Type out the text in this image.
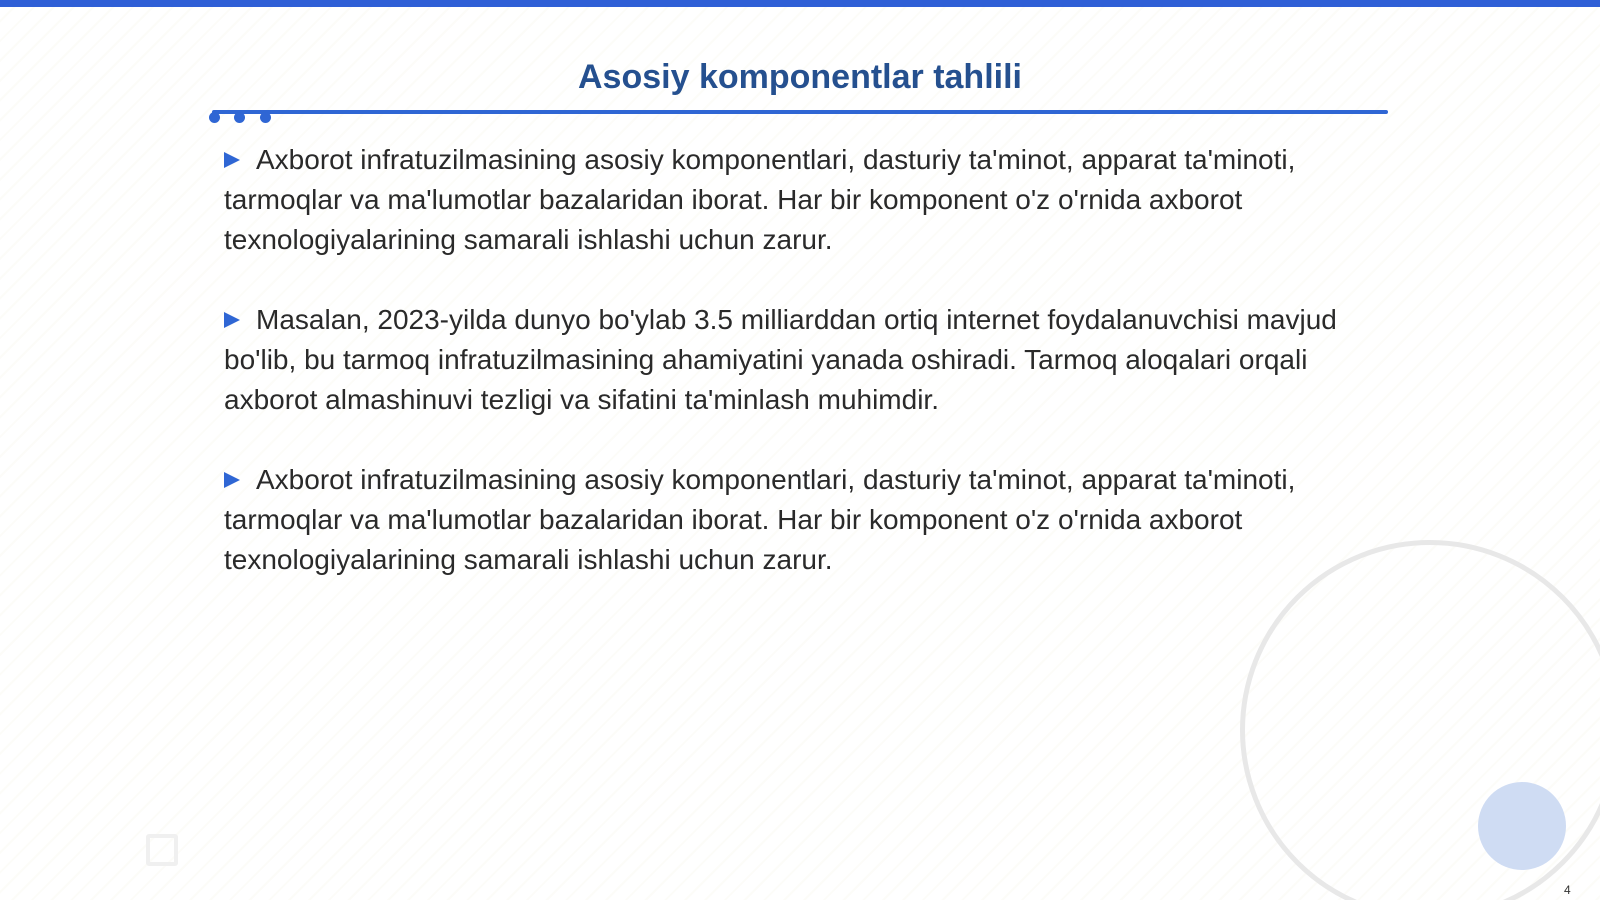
Asosiy komponentlar tahlili

Axborot infratuzilmasining asosiy komponentlari, dasturiy ta'minot, apparat ta'minoti, tarmoqlar va ma'lumotlar bazalaridan iborat. Har bir komponent o'z o'rnida axborot texnologiyalarining samarali ishlashi uchun zarur.

Masalan, 2023-yilda dunyo bo'ylab 3.5 milliarddan ortiq internet foydalanuvchisi mavjud bo'lib, bu tarmoq infratuzilmasining ahamiyatini yanada oshiradi. Tarmoq aloqalari orqali axborot almashinuvi tezligi va sifatini ta'minlash muhimdir.

Axborot infratuzilmasining asosiy komponentlari, dasturiy ta'minot, apparat ta'minoti, tarmoqlar va ma'lumotlar bazalaridan iborat. Har bir komponent o'z o'rnida axborot texnologiyalarining samarali ishlashi uchun zarur.

4
